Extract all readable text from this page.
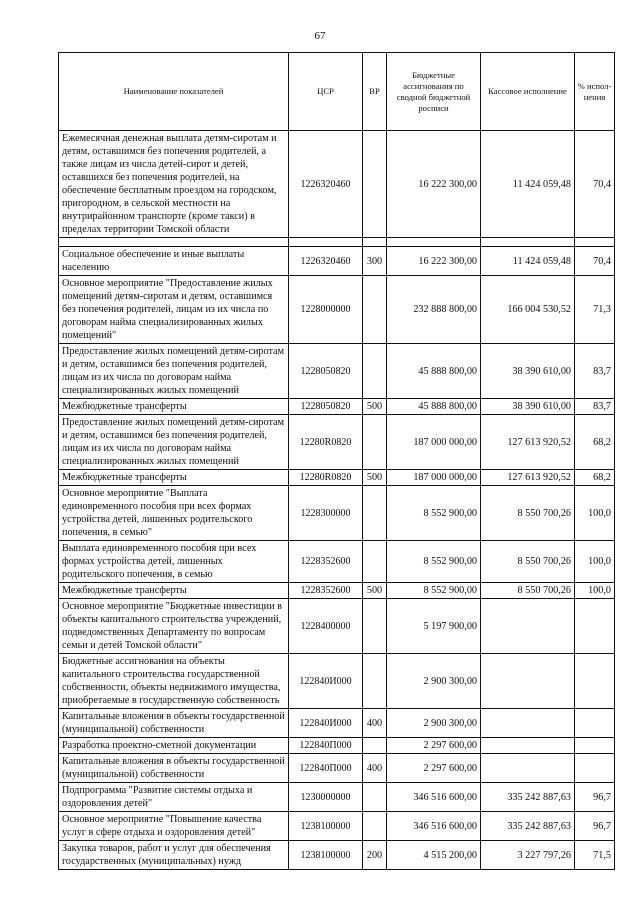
67
Наименование показателей	ЦСР	ВР	Бюджетные ассигнования по сводной бюджетной росписи	Кассовое исполнение	% испол-нения
Ежемесячная денежная выплата детям-сиротам и детям, оставшимся без попечения родителей, а также лицам из числа детей-сирот и детей, оставшихся без попечения родителей, на обеспечение бесплатным проездом на городском, пригородном, в сельской местности на внутрирайонном транспорте (кроме такси) в пределах территории Томской области	1226320460		16 222 300,00	11 424 059,48	70,4

Социальное обеспечение и иные выплаты населению	1226320460	300	16 222 300,00	11 424 059,48	70,4
Основное мероприятие "Предоставление жилых помещений детям-сиротам и детям, оставшимся без попечения родителей, лицам из их числа по договорам найма специализированных жилых помещений"	1228000000		232 888 800,00	166 004 530,52	71,3
Предоставление жилых помещений детям-сиротам и детям, оставшимся без попечения родителей, лицам из их числа по договорам найма специализированных жилых помещений	1228050820		45 888 800,00	38 390 610,00	83,7
Межбюджетные трансферты	1228050820	500	45 888 800,00	38 390 610,00	83,7
Предоставление жилых помещений детям-сиротам и детям, оставшимся без попечения родителей, лицам из их числа по договорам найма специализированных жилых помещений	12280R0820		187 000 000,00	127 613 920,52	68,2
Межбюджетные трансферты	12280R0820	500	187 000 000,00	127 613 920,52	68,2
Основное мероприятие "Выплата единовременного пособия при всех формах устройства детей, лишенных родительского попечения, в семью"	1228300000		8 552 900,00	8 550 700,26	100,0
Выплата единовременного пособия при всех формах устройства детей, лишенных родительского попечения, в семью	1228352600		8 552 900,00	8 550 700,26	100,0
Межбюджетные трансферты	1228352600	500	8 552 900,00	8 550 700,26	100,0
Основное мероприятие "Бюджетные инвестиции в объекты капитального строительства учреждений, подведомственных Департаменту по вопросам семьи и детей Томской области"	1228400000		5 197 900,00		
Бюджетные ассигнования на объекты капитального строительства государственной собственности, объекты недвижимого имущества, приобретаемые в государственную собственность	122840И000		2 900 300,00		
Капитальные вложения в объекты государственной (муниципальной) собственности	122840И000	400	2 900 300,00		
Разработка проектно-сметной документации	122840П000		2 297 600,00		
Капитальные вложения в объекты государственной (муниципальной) собственности	122840П000	400	2 297 600,00		
Подпрограмма "Развитие системы отдыха и оздоровления детей"	1230000000		346 516 600,00	335 242 887,63	96,7
Основное мероприятие "Повышение качества услуг в сфере отдыха и оздоровления детей"	1238100000		346 516 600,00	335 242 887,63	96,7
Закупка товаров, работ и услуг для обеспечения государственных (муниципальных) нужд	1238100000	200	4 515 200,00	3 227 797,26	71,5
